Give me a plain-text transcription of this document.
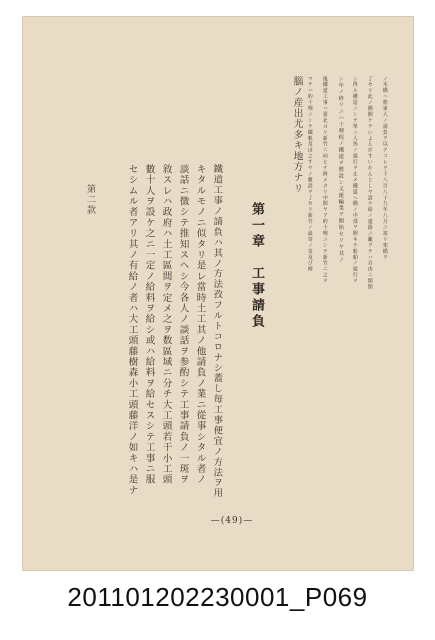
ノ木橋ハ擔東人ノ請負ヲ以テコレヲ千八百八十九年八月ニ竣リ架橋ヲ
了セリ此ノ橋開ケテいよんがすいかんとしヤ設ケ給ノ道路ニ籬ヲテハ自由ニ開閉
シ得ル構造ニシテ單ニ人馬ノ通行ヲ止メ鐵道ヘ橋ノ中部ヲ開キテ船舶ノ通行ヲ
シ年ノ終リニハ十哩程ノ鐵道ヲ敷設シ又運輸業ヲ開始セリヤ其ノ
後鐵道工事ハ臺北ヨリ新竹ニ向ヒテ修メタリ中間ヤア約十哩ニシテ新竹ニ之ヲ
マテハ約十哩ニシテ鐵軌及ぼ之すヤノ數設ヲ了セリ新竹ノ最寄ノ茶及び樟
腦ノ産出尤多キ地方ナリ
第一章　工事請負
鐵道工事ノ請負ハ其ノ方法孜フルトコロナシ蓋し毎工事便宜ノ方法ヲ用
キタルモノニ似タリ是レ當時土工其ノ他請負ノ業ニ從事シタル者ノ
談話ニ徴シテ推知スヘシ今各人ノ談話ヲ参酌シテ工事請負ノ一斑ヲ
敘スレハ政府ハ土工區間ヲ定メ之ヲ数區域ニ分チ大工頭若干小工頭
數十人ヲ設ケ之ニ一定ノ給料ヲ給シ或ハ給料ヲ給セスシテ工事ニ服
セシムル者アリ其ノ有給ノ者ハ大工頭藤樹森小工頭藤洋ノ如キハ是ナ
第二款
—(49)—
20110120223000​1_P069
